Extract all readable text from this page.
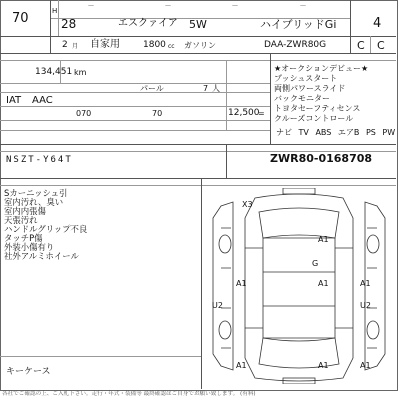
—	—	—	—
70	H
28	エスクァイア 5W	ハイブリッドGi	4
2 月 自家用	1800 cc ガソリン	DAA-ZWR80G	C C
134,451 km
IAT AAC
パール	7 人
070	70	12,500
=
★オークションデビュー★
プッシュスタート
両側パワースライド
バックモニター
トヨタセーフティセンス
クルーズコントロール
ナビ TV ABS エアB PS PW
NSZT-Y64T	ZWR80-0168708
Sカーニッシュ引
室内汚れ、臭い
室内内張傷
天張汚れ
ハンドルグリップ不良
タッチP傷
外装小傷有り
社外アルミホイール
キーケース
X3
A1
G
U2
A1	A1	A1
U2
A1	A1	A1
各社でご確認の上、ご入札下さい。走行・年式・装備等 最終確認はご自身でお願い致します。 (有料)
